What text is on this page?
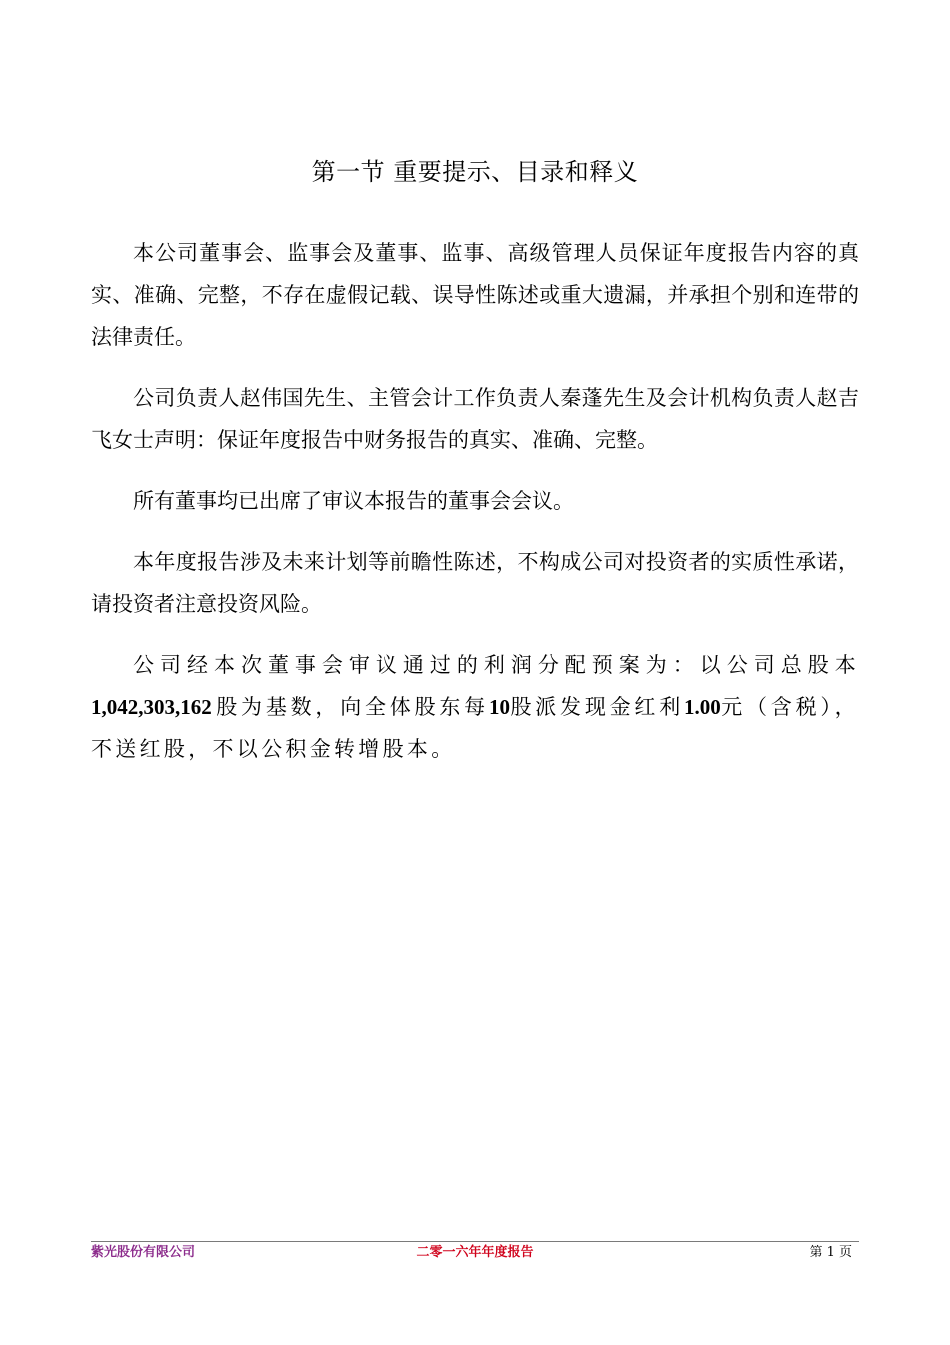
第一节 重要提示、目录和释义

本公司董事会、监事会及董事、监事、高级管理人员保证年度报告内容的真实、准确、完整，不存在虚假记载、误导性陈述或重大遗漏，并承担个别和连带的法律责任。

公司负责人赵伟国先生、主管会计工作负责人秦蓬先生及会计机构负责人赵吉飞女士声明：保证年度报告中财务报告的真实、准确、完整。

所有董事均已出席了审议本报告的董事会会议。

本年度报告涉及未来计划等前瞻性陈述，不构成公司对投资者的实质性承诺，请投资者注意投资风险。

公司经本次董事会审议通过的利润分配预案为：以公司总股本1,042,303,162 股为基数，向全体股东每10股派发现金红利1.00元（含税），不送红股，不以公积金转增股本。

紫光股份有限公司	二零一六年年度报告	第 1 页
